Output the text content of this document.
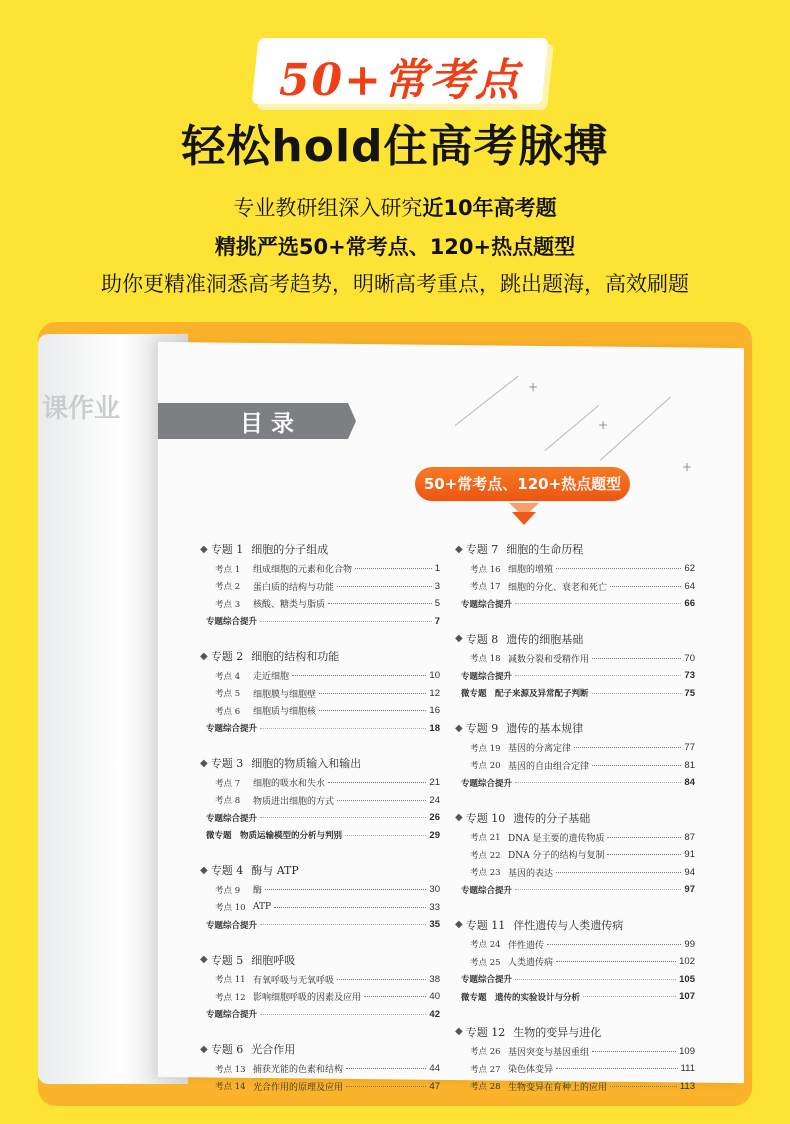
50+常考点
轻松hold住高考脉搏
专业教研组深入研究近10年高考题
精挑严选50+常考点、120+热点题型
助你更精准洞悉高考趋势，明晰高考重点，跳出题海，高效刷题
课作业	目录	+
+
+
50+常考点、120+热点题型
◆ 专题 1 细胞的分子组成
考点 1	组成细胞的元素和化合物	1
考点 2	蛋白质的结构与功能	3
考点 3	核酸、糖类与脂质	5
专题综合提升	7
◆ 专题 2 细胞的结构和功能
考点 4	走近细胞	10
考点 5	细胞膜与细胞壁	12
考点 6	细胞质与细胞核	16
专题综合提升	18
◆ 专题 3 细胞的物质输入和输出
考点 7	细胞的吸水和失水	21
考点 8	物质进出细胞的方式	24
专题综合提升	26
微专题　物质运输模型的分析与判别	29
◆ 专题 4 酶与 ATP
考点 9	酶	30
考点 10 ATP	33
专题综合提升	35
◆ 专题 5 细胞呼吸
考点 11 有氧呼吸与无氧呼吸	38
考点 12 影响细胞呼吸的因素及应用	40
专题综合提升	42
◆ 专题 6 光合作用
考点 13 捕获光能的色素和结构	44
考点 14 光合作用的原理及应用	47
◆ 专题 7 细胞的生命历程
考点 16 细胞的增殖	62
考点 17 细胞的分化、衰老和死亡	64
专题综合提升	66
◆ 专题 8 遗传的细胞基础
考点 18 减数分裂和受精作用	70
专题综合提升	73
微专题　配子来源及异常配子判断	75
◆ 专题 9 遗传的基本规律
考点 19 基因的分离定律	77
考点 20 基因的自由组合定律	81
专题综合提升	84
◆ 专题 10 遗传的分子基础
考点 21 DNA 是主要的遗传物质	87
考点 22 DNA 分子的结构与复制	91
考点 23 基因的表达	94
专题综合提升	97
◆ 专题 11 伴性遗传与人类遗传病
考点 24 伴性遗传	99
考点 25 人类遗传病	102
专题综合提升	105
微专题　遗传的实验设计与分析	107
◆ 专题 12 生物的变异与进化
考点 26 基因突变与基因重组	109
考点 27 染色体变异	111
考点 28 生物变异在育种上的应用	113
